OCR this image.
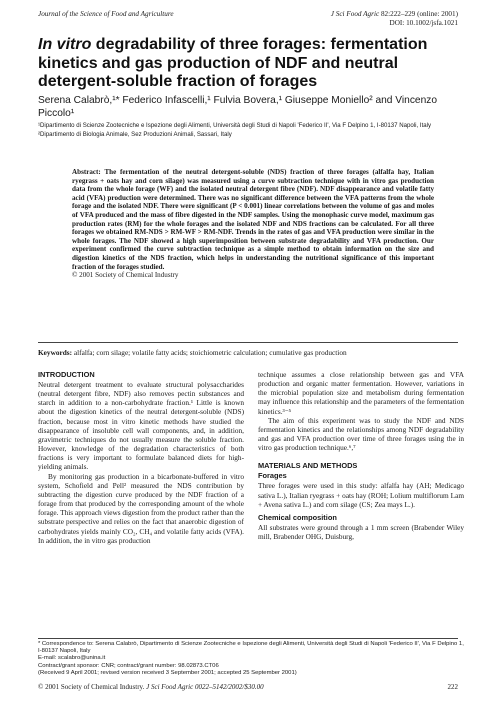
Journal of the Science of Food and Agriculture	J Sci Food Agric 82:222–229 (online: 2001)
DOI: 10.1002/jsfa.1021
In vitro degradability of three forages: fermentation kinetics and gas production of NDF and neutral detergent-soluble fraction of forages
Serena Calabrò,¹* Federico Infascelli,¹ Fulvia Bovera,¹ Giuseppe Moniello² and Vincenzo Piccolo¹
¹Dipartimento di Scienze Zootecniche e Ispezione degli Alimenti, Università degli Studi di Napoli 'Federico II', Via F Delpino 1, I-80137 Napoli, Italy
²Dipartimento di Biologia Animale, Sez Produzioni Animali, Sassari, Italy
Abstract: The fermentation of the neutral detergent-soluble (NDS) fraction of three forages (alfalfa hay, Italian ryegrass + oats hay and corn silage) was measured using a curve subtraction technique with in vitro gas production data from the whole forage (WF) and the isolated neutral detergent fibre (NDF). NDF disappearance and volatile fatty acid (VFA) production were determined. There was no significant difference between the VFA patterns from the whole forage and the isolated NDF. There were significant (P < 0.001) linear correlations between the volume of gas and moles of VFA produced and the mass of fibre digested in the NDF samples. Using the monophasic curve model, maximum gas production rates (RM) for the whole forages and the isolated NDF and NDS fractions can be calculated. For all three forages we obtained RM-NDS > RM-WF > RM-NDF. Trends in the rates of gas and VFA production were similar in the whole forages. The NDF showed a high superimposition between substrate degradability and VFA production. Our experiment confirmed the curve subtraction technique as a simple method to obtain information on the size and digestion kinetics of the NDS fraction, which helps in understanding the nutritional significance of this important fraction of the forages studied.
© 2001 Society of Chemical Industry
Keywords: alfalfa; corn silage; volatile fatty acids; stoichiometric calculation; cumulative gas production
INTRODUCTION
Neutral detergent treatment to evaluate structural polysaccharides (neutral detergent fibre, NDF) also removes pectin substances and starch in addition to a non-carbohydrate fraction.¹ Little is known about the digestion kinetics of the neutral detergent-soluble (NDS) fraction, because most in vitro kinetic methods have studied the disappearance of insoluble cell wall components, and, in addition, gravimetric techniques do not usually measure the soluble fraction. However, knowledge of the degradation characteristics of both fractions is very important to formulate balanced diets for high-yielding animals.
By monitoring gas production in a bicarbonate-buffered in vitro system, Schofield and Pell² measured the NDS contribution by subtracting the digestion curve produced by the NDF fraction of a forage from that produced by the corresponding amount of the whole forage. This approach views digestion from the product rather than the substrate perspective and relies on the fact that anaerobic digestion of carbohydrates yields mainly CO₂, CH₄ and volatile fatty acids (VFA). In addition, the in vitro gas production
technique assumes a close relationship between gas and VFA production and organic matter fermentation. However, variations in the microbial population size and metabolism during fermentation may influence this relationship and the parameters of the fermentation kinetics.³⁻⁵
The aim of this experiment was to study the NDF and NDS fermentation kinetics and the relationships among NDF degradability and gas and VFA production over time of three forages using the in vitro gas production technique.⁶,⁷
MATERIALS AND METHODS
Forages
Three forages were used in this study: alfalfa hay (AH; Medicago sativa L.), Italian ryegrass + oats hay (ROH; Lolium multiflorum Lam + Avena sativa L.) and corn silage (CS; Zea mays L.).
Chemical composition
All substrates were ground through a 1 mm screen (Brabender Wiley mill, Brabender OHG, Duisburg,
* Correspondence to: Serena Calabrò, Dipartimento di Scienze Zootecniche e Ispezione degli Alimenti, Università degli Studi di Napoli 'Federico II', Via F Delpino 1, I-80137 Napoli, Italy
E-mail: scalabro@unina.it
Contract/grant sponsor: CNR; contract/grant number: 98.02873.CT06
(Received 9 April 2001; revised version received 3 September 2001; accepted 25 September 2001)
© 2001 Society of Chemical Industry. J Sci Food Agric 0022–5142/2002/$30.00	222
